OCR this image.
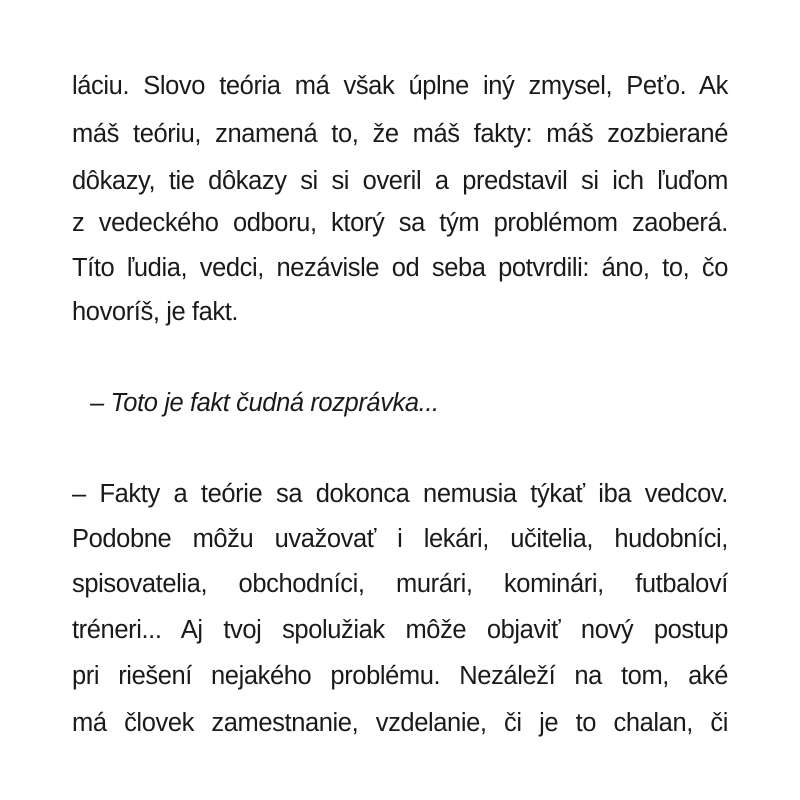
láciu. Slovo teória má však úplne iný zmysel, Peťo. Ak
máš teóriu, znamená to, že máš fakty: máš zozbierané
dôkazy, tie dôkazy si si overil a predstavil si ich ľuďom
z vedeckého odboru, ktorý sa tým problémom zaoberá.
Títo ľudia, vedci, nezávisle od seba potvrdili: áno, to, čo
hovoríš, je fakt.
– Toto je fakt čudná rozprávka...
– Fakty a teórie sa dokonca nemusia týkať iba vedcov.
Podobne môžu uvažovať i lekári, učitelia, hudobníci,
spisovatelia, obchodníci, murári, kominári, futbaloví
tréneri... Aj tvoj spolužiak môže objaviť nový postup
pri riešení nejakého problému. Nezáleží na tom, aké
má človek zamestnanie, vzdelanie, či je to chalan, či
